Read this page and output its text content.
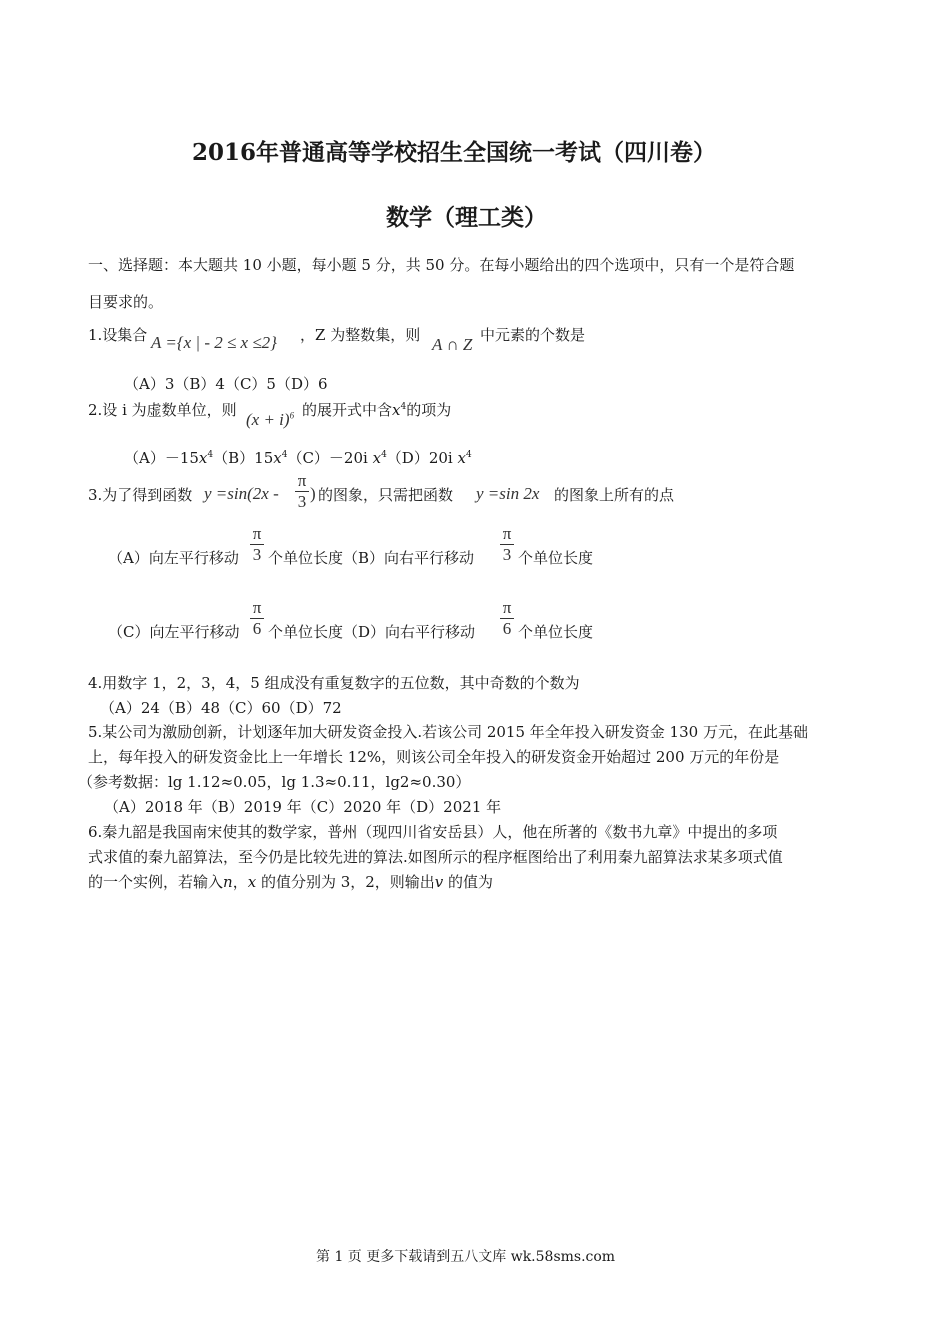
2016年普通高等学校招生全国统一考试（四川卷）
数学（理工类）
一、选择题：本大题共 10 小题，每小题 5 分，共 50 分。在每小题给出的四个选项中，只有一个是符合题
目要求的。
1.设集合 A ={x | - 2 ≤ x ≤2} ，Z 为整数集，则 A ∩ Z 中元素的个数是
（A）3（B）4（C）5（D）6
2.设 i 为虚数单位，则 $(x + i)^6$ 的展开式中含$x^4$的项为
$(A)-15x^4(B)15x^4(C)-20i$ $x^4(D)20i$ $x^4$
3.为了得到函数 y =sin(2x -
π
3 ) 的图象，只需把函数 y =sin 2x 的图象上所有的点
（A）向左平行移动
π
3 个单位长度（B）向右平行移动
π
3 个单位长度
（C）向左平行移动
π
6 个单位长度（D）向右平行移动
π
6 个单位长度
4.用数字 1，2，3，4，5 组成没有重复数字的五位数，其中奇数的个数为
（A）24（B）48（C）60（D）72
5.某公司为激励创新，计划逐年加大研发资金投入.若该公司 2015 年全年投入研发资金 130 万元，在此基础
上，每年投入的研发资金比上一年增长 12%，则该公司全年投入的研发资金开始超过 200 万元的年份是
（参考数据：lg 1.12≈0.05，lg 1.3≈0.11，lg2≈0.30）
（A）2018 年（B）2019 年（C）2020 年（D）2021 年
6.秦九韶是我国南宋使其的数学家，普州（现四川省安岳县）人，他在所著的《数书九章》中提出的多项
式求值的秦九韶算法，至今仍是比较先进的算法.如图所示的程序框图给出了利用秦九韶算法求某多项式值
的一个实例，若输入n，x 的值分别为 3，2，则输出v 的值为
第 1 页 更多下载请到五八文库 wk.58sms.com
